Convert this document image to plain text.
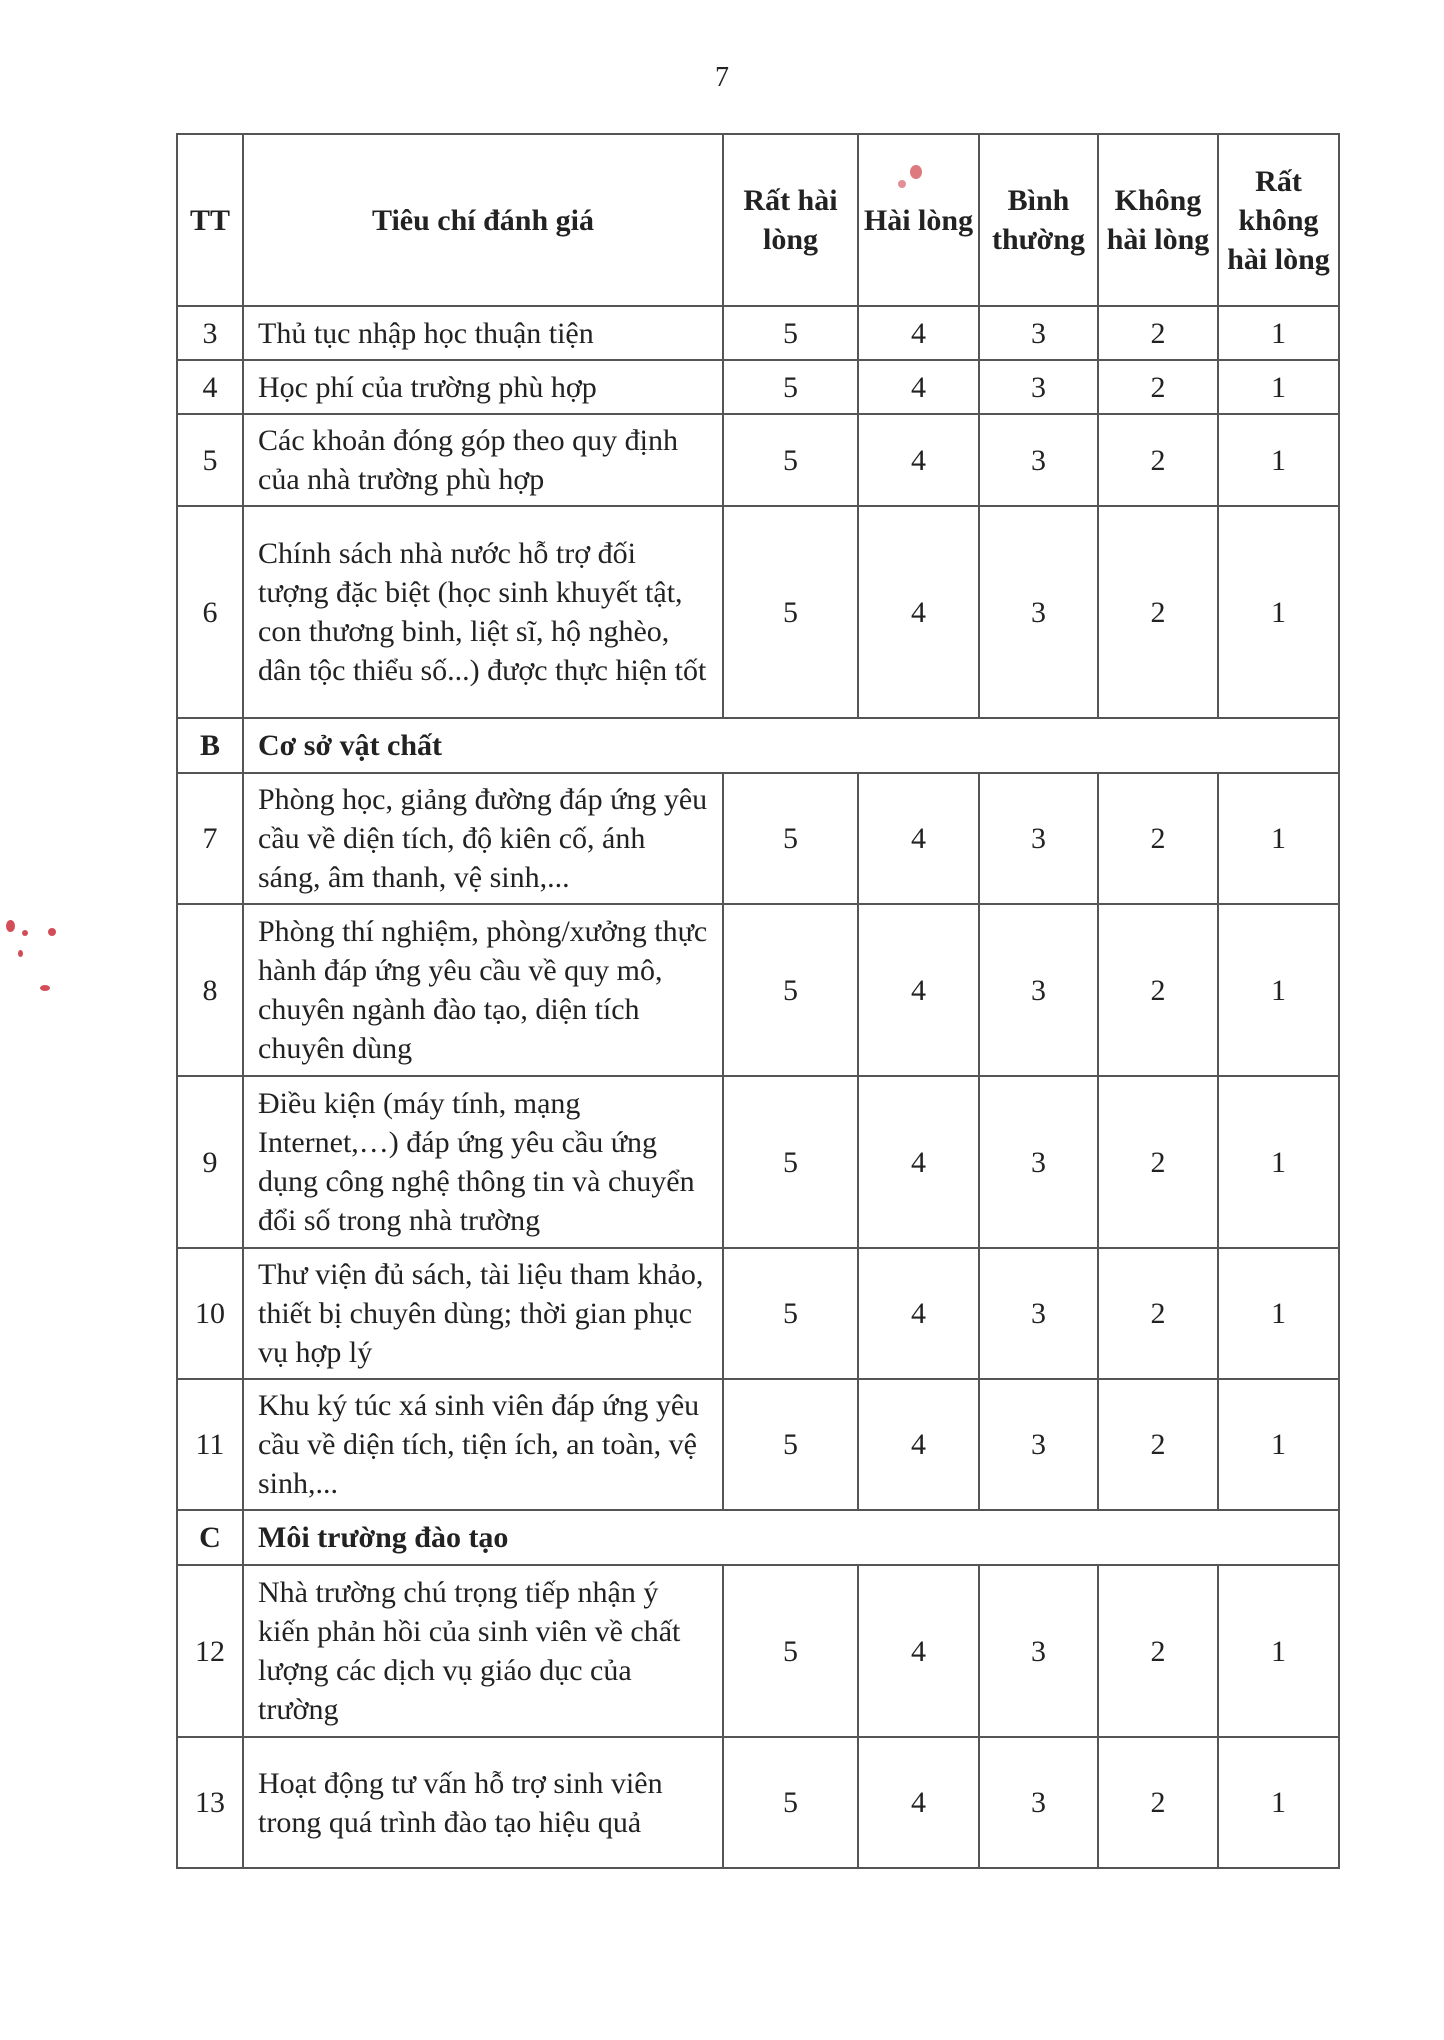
7
TT	Tiêu chí đánh giá	Rất hài lòng	Hài lòng	Bình thường	Không hài lòng	Rất không hài lòng
3	Thủ tục nhập học thuận tiện	5	4	3	2	1
4	Học phí của trường phù hợp	5	4	3	2	1
5	Các khoản đóng góp theo quy định của nhà trường phù hợp	5	4	3	2	1
6	Chính sách nhà nước hỗ trợ đối tượng đặc biệt (học sinh khuyết tật, con thương binh, liệt sĩ, hộ nghèo, dân tộc thiểu số...) được thực hiện tốt	5	4	3	2	1
B	Cơ sở vật chất					
7	Phòng học, giảng đường đáp ứng yêu cầu về diện tích, độ kiên cố, ánh sáng, âm thanh, vệ sinh,...	5	4	3	2	1
8	Phòng thí nghiệm, phòng/xưởng thực hành đáp ứng yêu cầu về quy mô, chuyên ngành đào tạo, diện tích chuyên dùng	5	4	3	2	1
9	Điều kiện (máy tính, mạng Internet,…) đáp ứng yêu cầu ứng dụng công nghệ thông tin và chuyển đổi số trong nhà trường	5	4	3	2	1
10	Thư viện đủ sách, tài liệu tham khảo, thiết bị chuyên dùng; thời gian phục vụ hợp lý	5	4	3	2	1
11	Khu ký túc xá sinh viên đáp ứng yêu cầu về diện tích, tiện ích, an toàn, vệ sinh,...	5	4	3	2	1
C	Môi trường đào tạo					
12	Nhà trường chú trọng tiếp nhận ý kiến phản hồi của sinh viên về chất lượng các dịch vụ giáo dục của trường	5	4	3	2	1
13	Hoạt động tư vấn hỗ trợ sinh viên trong quá trình đào tạo hiệu quả	5	4	3	2	1
